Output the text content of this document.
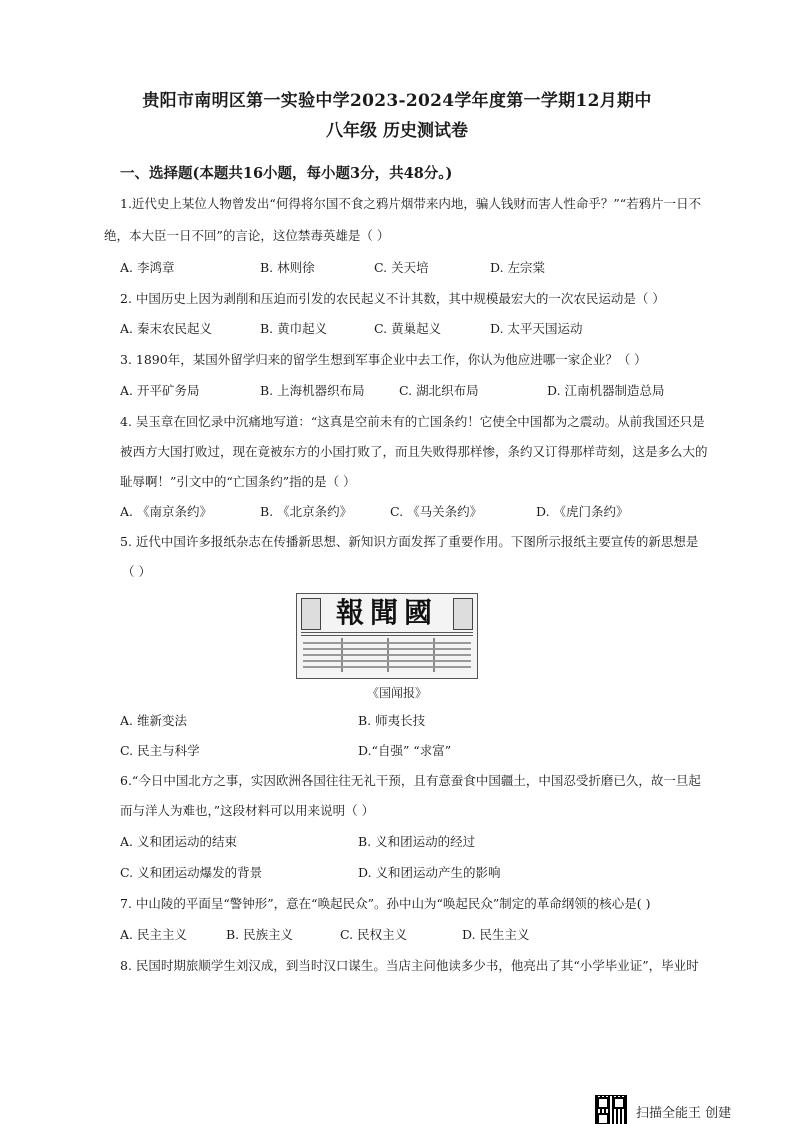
贵阳市南明区第一实验中学2023-2024学年度第一学期12月期中
八年级 历史测试卷
一、选择题(本题共16小题，每小题3分，共48分。)
1.近代史上某位人物曾发出“何得将尔国不食之鸦片烟带来内地，骗人钱财而害人性命乎？”“若鸦片一日不
绝，本大臣一日不回”的言论，这位禁毒英雄是（ ）
A. 李鸿章	B. 林则徐	C. 关天培	D. 左宗棠
2. 中国历史上因为剥削和压迫而引发的农民起义不计其数，其中规模最宏大的一次农民运动是（ ）
A. 秦末农民起义	B. 黄巾起义	C. 黄巢起义	D. 太平天国运动
3. 1890年，某国外留学归来的留学生想到军事企业中去工作，你认为他应进哪一家企业？（ ）
A. 开平矿务局	B. 上海机器织布局	C. 湖北织布局	D. 江南机器制造总局
4. 吴玉章在回忆录中沉痛地写道：“这真是空前未有的亡国条约！它使全中国都为之震动。从前我国还只是
被西方大国打败过，现在竟被东方的小国打败了，而且失败得那样惨，条约又订得那样苛刻，这是多么大的
耻辱啊！”引文中的“亡国条约”指的是（ ）
A. 《南京条约》	B. 《北京条约》	C. 《马关条约》	D. 《虎门条约》
5. 近代中国许多报纸杂志在传播新思想、新知识方面发挥了重要作用。下图所示报纸主要宣传的新思想是
（ ）
報聞國
《国闻报》
A. 维新变法	B. 师夷长技
C. 民主与科学	D.“自强” “求富”
6.“今日中国北方之事，实因欧洲各国往往无礼干预，且有意蚕食中国疆土，中国忍受折磨已久，故一旦起
而与洋人为难也，”这段材料可以用来说明（ ）
A. 义和团运动的结束	B. 义和团运动的经过
C. 义和团运动爆发的背景	D. 义和团运动产生的影响
7. 中山陵的平面呈“警钟形”，意在“唤起民众”。孙中山为“唤起民众”制定的革命纲领的核心是( )
A. 民主主义	B. 民族主义	C. 民权主义	D. 民生主义
8. 民国时期旅顺学生刘汉成，到当时汉口谋生。当店主问他读多少书，他亮出了其“小学毕业证”，毕业时
扫描全能王 创建
